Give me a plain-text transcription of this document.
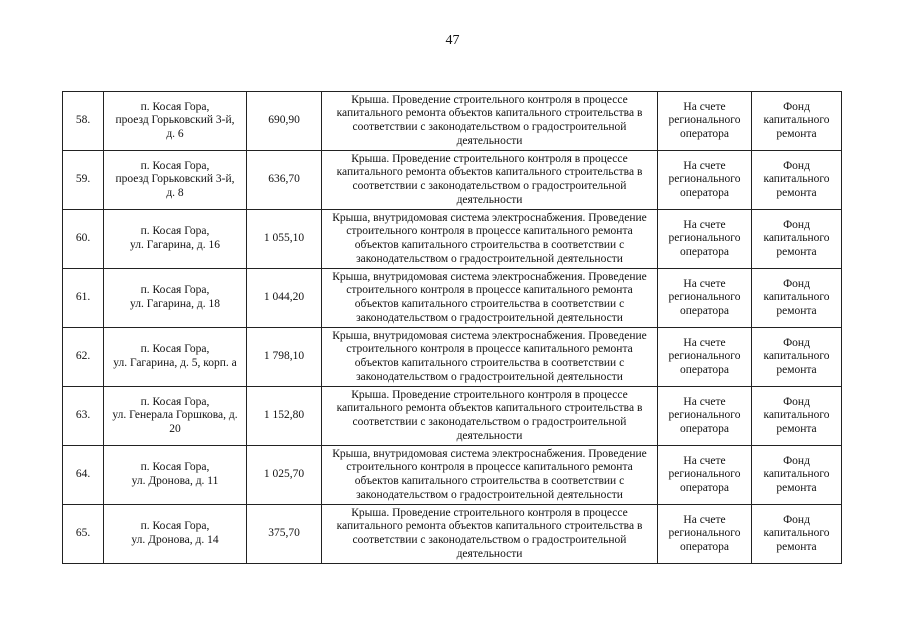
47
58.	п. Косая Гора,
проезд Горьковский 3-й,
д. 6	690,90	Крыша. Проведение строительного контроля в процессе капитального ремонта объектов капитального строительства в соответствии с законодательством о градостроительной деятельности	На счете регионального оператора	Фонд капитального ремонта
59.	п. Косая Гора,
проезд Горьковский 3-й,
д. 8	636,70	Крыша. Проведение строительного контроля в процессе капитального ремонта объектов капитального строительства в соответствии с законодательством о градостроительной деятельности	На счете регионального оператора	Фонд капитального ремонта
60.	п. Косая Гора,
ул. Гагарина, д. 16	1 055,10	Крыша, внутридомовая система электроснабжения. Проведение строительного контроля в процессе капитального ремонта объектов капитального строительства в соответствии с законодательством о градостроительной деятельности	На счете регионального оператора	Фонд капитального ремонта
61.	п. Косая Гора,
ул. Гагарина, д. 18	1 044,20	Крыша, внутридомовая система электроснабжения. Проведение строительного контроля в процессе капитального ремонта объектов капитального строительства в соответствии с законодательством о градостроительной деятельности	На счете регионального оператора	Фонд капитального ремонта
62.	п. Косая Гора,
ул. Гагарина, д. 5, корп. а	1 798,10	Крыша, внутридомовая система электроснабжения. Проведение строительного контроля в процессе капитального ремонта объектов капитального строительства в соответствии с законодательством о градостроительной деятельности	На счете регионального оператора	Фонд капитального ремонта
63.	п. Косая Гора,
ул. Генерала Горшкова, д.
20	1 152,80	Крыша. Проведение строительного контроля в процессе капитального ремонта объектов капитального строительства в соответствии с законодательством о градостроительной деятельности	На счете регионального оператора	Фонд капитального ремонта
64.	п. Косая Гора,
ул. Дронова, д. 11	1 025,70	Крыша, внутридомовая система электроснабжения. Проведение строительного контроля в процессе капитального ремонта объектов капитального строительства в соответствии с законодательством о градостроительной деятельности	На счете регионального оператора	Фонд капитального ремонта
65.	п. Косая Гора,
ул. Дронова, д. 14	375,70	Крыша. Проведение строительного контроля в процессе капитального ремонта объектов капитального строительства в соответствии с законодательством о градостроительной деятельности	На счете регионального оператора	Фонд капитального ремонта
